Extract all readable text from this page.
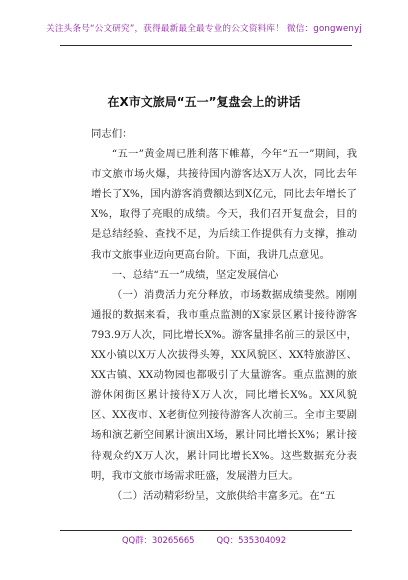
关注头条号“公文研究”，获得最新最全最专业的公文资料库！ 微信：gongwenyj
在X市文旅局“五一”复盘会上的讲话

同志们：

“五一”黄金周已胜利落下帷幕，今年“五一”期间，我市文旅市场火爆，共接待国内游客达X万人次，同比去年增长了X%，国内游客消费额达到X亿元，同比去年增长了X%，取得了亮眼的成绩。今天，我们召开复盘会，目的是总结经验、查找不足，为后续工作提供有力支撑，推动我市文旅事业迈向更高台阶。下面，我讲几点意见。

一、总结“五一”成绩，坚定发展信心

（一）消费活力充分释放，市场数据成绩斐然。刚刚通报的数据来看，我市重点监测的X家景区累计接待游客793.9万人次，同比增长X%。游客量排名前三的景区中，XX小镇以X万人次拔得头筹，XX风貌区、XX特旅游区、XX古镇、XX动物园也都吸引了大量游客。重点监测的旅游休闲街区累计接待X万人次，同比增长X%。XX风貌区、XX夜市、X老街位列接待游客人次前三。全市主要剧场和演艺新空间累计演出X场，累计同比增长X%；累计接待观众约X万人次，累计同比增长X%。这些数据充分表明，我市文旅市场需求旺盛，发展潜力巨大。

（二）活动精彩纷呈，文旅供给丰富多元。在“五

QQ群：30265665	QQ：535304092
